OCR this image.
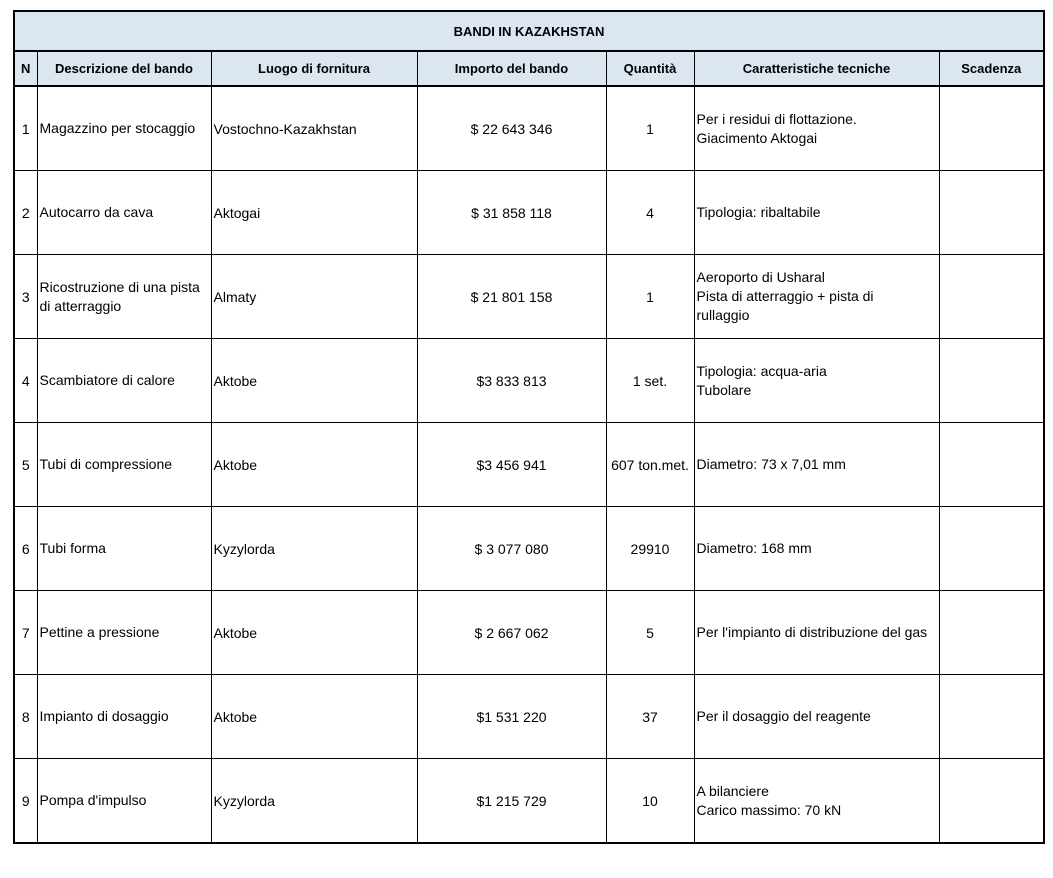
BANDI IN KAZAKHSTAN						
N	Descrizione del bando	Luogo di fornitura	Importo del bando	Quantità	Caratteristiche tecniche	Scadenza
1	Magazzino per stocaggio	Vostochno-Kazakhstan	$ 22 643 346	1	Per i residui di flottazione.
Giacimento Aktogai	

2	Autocarro da cava	Aktogai	$ 31 858 118	4	Tipologia: ribaltabile	

3	Ricostruzione di una pista di atterraggio	Almaty	$ 21 801 158	1	Aeroporto di Usharal
Pista di atterraggio + pista di
rullaggio	

4	Scambiatore di calore	Aktobe	$3 833 813	1 set.	Tipologia: acqua-aria
Tubolare	

5	Tubi di compressione	Aktobe	$3 456 941	607 ton.met.	Diametro: 73 x 7,01 mm	

6	Tubi forma	Kyzylorda	$ 3 077 080	29910	Diametro: 168 mm	

7	Pettine a pressione	Aktobe	$ 2 667 062	5	Per l'impianto di distribuzione del gas	

8	Impianto di dosaggio	Aktobe	$1 531 220	37	Per il dosaggio del reagente	

9	Pompa d'impulso	Kyzylorda	$1 215 729	10	A bilanciere
Carico massimo: 70 kN	
